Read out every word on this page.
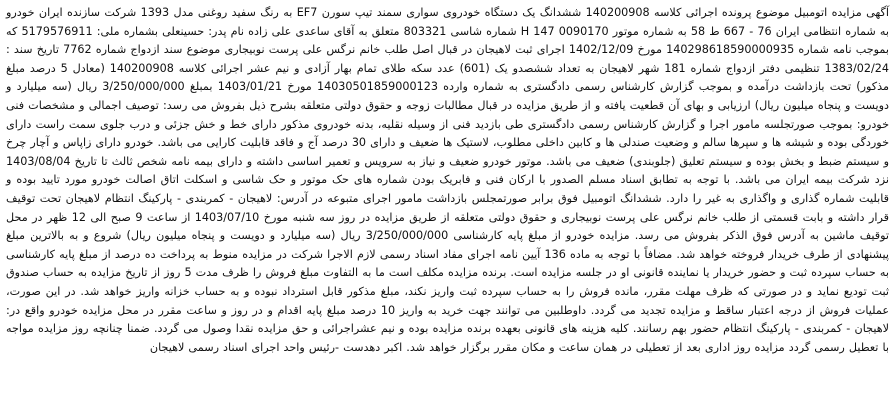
آگهی مزایده اتومبیل موضوع پرونده اجرائی کلاسه 140200908 ششدانگ یک دستگاه خودروی سواری سمند تیپ سورن EF7 به رنگ سفید روغنی مدل 1393 شرکت سازنده ایران خودرو به شماره انتظامی ایران 76 - 667 ط 58 به شماره موتور 0090170 H 147 شماره شاسی 803321 متعلق به آقای ساعدی علی زاده نام پدر: حسینعلی بشماره ملی: 5179576911 که بموجب نامه شماره 140298618590000935 مورخ 1402/12/09 اجرای ثبت لاهیجان در قبال اصل طلب خانم نرگس علی پرست نوبیجاری موضوع سند ازدواج شماره 7762 تاریخ سند : 1383/02/24 تنظیمی دفتر ازدواج شماره 181 شهر لاهیجان به تعداد ششصدو یک (601) عدد سکه طلای تمام بهار آزادی و نیم عشر اجرائی کلاسه 140200908 (معادل 5 درصد مبلغ مذکور) تحت بازداشت درآمده و بموجب گزارش کارشناس رسمی دادگستری به شماره وارده 14030501859000123 مورخ 1403/01/21 بمبلغ 3/250/000/000 ریال (سه میلیارد و دویست و پنجاه میلیون ریال) ارزیابی و بهای آن قطعیت یافته و از طریق مزایده در قبال مطالبات زوجه و حقوق دولتی متعلقه بشرح ذیل بفروش می رسد: توصیف اجمالی و مشخصات فنی خودرو: بموجب صورتجلسه مامور اجرا و گزارش کارشناس رسمی دادگستری طی بازدید فنی از وسیله نقلیه، بدنه خودروی مذکور دارای خط و خش جزئی و درب جلوی سمت راست دارای خوردگی بوده و شیشه ها و سپرها سالم و وضعیت صندلی ها و کابین داخلی مطلوب، لاستیک ها ضعیف و دارای 30 درصد آج و فاقد قابلیت کارایی می باشد. خودرو دارای زاپاس و آچار چرخ و سیستم ضبط و بخش بوده و سیستم تعلیق (جلوبندی) ضعیف می باشد. موتور خودرو ضعیف و نیاز به سرویس و تعمیر اساسی داشته و دارای بیمه نامه شخص ثالث تا تاریخ 1403/08/04 نزد شرکت بیمه ایران می باشد. با توجه به تطابق اسناد مسلم الصدور با ارکان فنی و فابریک بودن شماره های حک موتور و حک شاسی و اسکلت اتاق اصالت خودرو مورد تایید بوده و قابلیت شماره گذاری و واگذاری به غیر را دارد. ششدانگ اتومبیل فوق برابر صورتمجلس بازداشت مامور اجرای متبوعه در آدرس: لاهیجان - کمربندی - پارکینگ انتظام لاهیجان تحت توقیف قرار داشته و بابت قسمتی از طلب خانم نرگس علی پرست نوبیجاری و حقوق دولتی متعلقه از طریق مزایده در روز سه شنبه مورخ 1403/07/10 از ساعت 9 صبح الی 12 ظهر در محل توقیف ماشین به آدرس فوق الذکر بفروش می رسد. مزایده خودرو از مبلغ پایه کارشناسی 3/250/000/000 ریال (سه میلیارد و دویست و پنجاه میلیون ریال) شروع و به بالاترین مبلغ پیشنهادی از طرف خریدار فروخته خواهد شد. مضافاً با توجه به ماده 136 آیین نامه اجرای مفاد اسناد رسمی لازم الاجرا شرکت در مزایده منوط به پرداخت ده درصد از مبلغ پایه کارشناسی به حساب سپرده ثبت و حضور خریدار یا نماینده قانونی او در جلسه مزایده است. برنده مزایده مکلف است ما به التفاوت مبلغ فروش را ظرف مدت 5 روز از تاریخ مزایده به حساب صندوق ثبت تودیع نماید و در صورتی که ظرف مهلت مقرر، مانده فروش را به حساب سپرده ثبت واریز نکند، مبلغ مذکور قابل استرداد نبوده و به حساب خزانه واریز خواهد شد. در این صورت، عملیات فروش از درجه اعتبار ساقط و مزایده تجدید می گردد. داوطلبین می توانند جهت خرید به واریز 10 درصد مبلغ پایه اقدام و در روز و ساعت مقرر در محل مزایده خودرو واقع در: لاهیجان - کمربندی - پارکینگ انتظام حضور بهم رسانند. کلیه هزینه های قانونی بعهده برنده مزایده بوده و نیم عشراجرائی و حق مزایده نقدا وصول می گردد. ضمنا چنانچه روز مزایده مواجه با تعطیل رسمی گردد مزایده روز اداری بعد از تعطیلی در همان ساعت و مکان مقرر برگزار خواهد شد. اکبر دهدست -رئیس واحد اجرای اسناد رسمی لاهیجان
